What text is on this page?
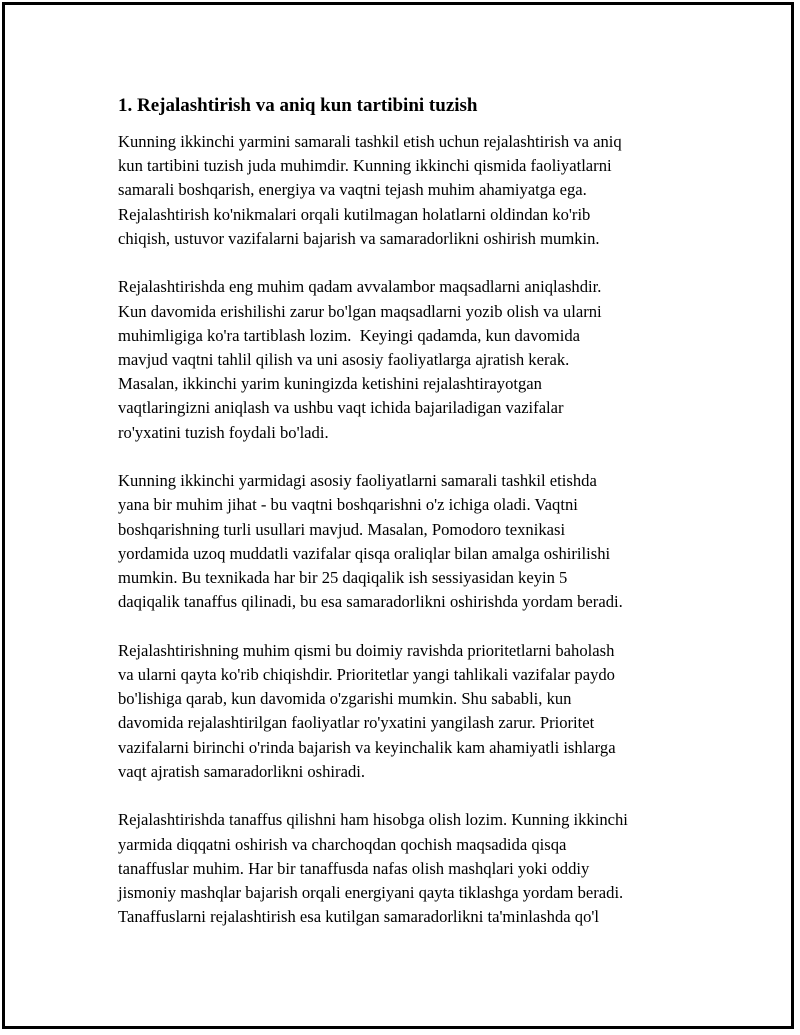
1. Rejalashtirish va aniq kun tartibini tuzish
Kunning ikkinchi yarmini samarali tashkil etish uchun rejalashtirish va aniq
kun tartibini tuzish juda muhimdir. Kunning ikkinchi qismida faoliyatlarni
samarali boshqarish, energiya va vaqtni tejash muhim ahamiyatga ega.
Rejalashtirish ko'nikmalari orqali kutilmagan holatlarni oldindan ko'rib
chiqish, ustuvor vazifalarni bajarish va samaradorlikni oshirish mumkin.
Rejalashtirishda eng muhim qadam avvalambor maqsadlarni aniqlashdir.
Kun davomida erishilishi zarur bo'lgan maqsadlarni yozib olish va ularni
muhimligiga ko'ra tartiblash lozim.  Keyingi qadamda, kun davomida
mavjud vaqtni tahlil qilish va uni asosiy faoliyatlarga ajratish kerak.
Masalan, ikkinchi yarim kuningizda ketishini rejalashtirayotgan
vaqtlaringizni aniqlash va ushbu vaqt ichida bajariladigan vazifalar
ro'yxatini tuzish foydali bo'ladi.
Kunning ikkinchi yarmidagi asosiy faoliyatlarni samarali tashkil etishda
yana bir muhim jihat - bu vaqtni boshqarishni o'z ichiga oladi. Vaqtni
boshqarishning turli usullari mavjud. Masalan, Pomodoro texnikasi
yordamida uzoq muddatli vazifalar qisqa oraliqlar bilan amalga oshirilishi
mumkin. Bu texnikada har bir 25 daqiqalik ish sessiyasidan keyin 5
daqiqalik tanaffus qilinadi, bu esa samaradorlikni oshirishda yordam beradi.
Rejalashtirishning muhim qismi bu doimiy ravishda prioritetlarni baholash
va ularni qayta ko'rib chiqishdir. Prioritetlar yangi tahlikali vazifalar paydo
bo'lishiga qarab, kun davomida o'zgarishi mumkin. Shu sababli, kun
davomida rejalashtirilgan faoliyatlar ro'yxatini yangilash zarur. Prioritet
vazifalarni birinchi o'rinda bajarish va keyinchalik kam ahamiyatli ishlarga
vaqt ajratish samaradorlikni oshiradi.
Rejalashtirishda tanaffus qilishni ham hisobga olish lozim. Kunning ikkinchi
yarmida diqqatni oshirish va charchoqdan qochish maqsadida qisqa
tanaffuslar muhim. Har bir tanaffusda nafas olish mashqlari yoki oddiy
jismoniy mashqlar bajarish orqali energiyani qayta tiklashga yordam beradi.
Tanaffuslarni rejalashtirish esa kutilgan samaradorlikni ta'minlashda qo'l
